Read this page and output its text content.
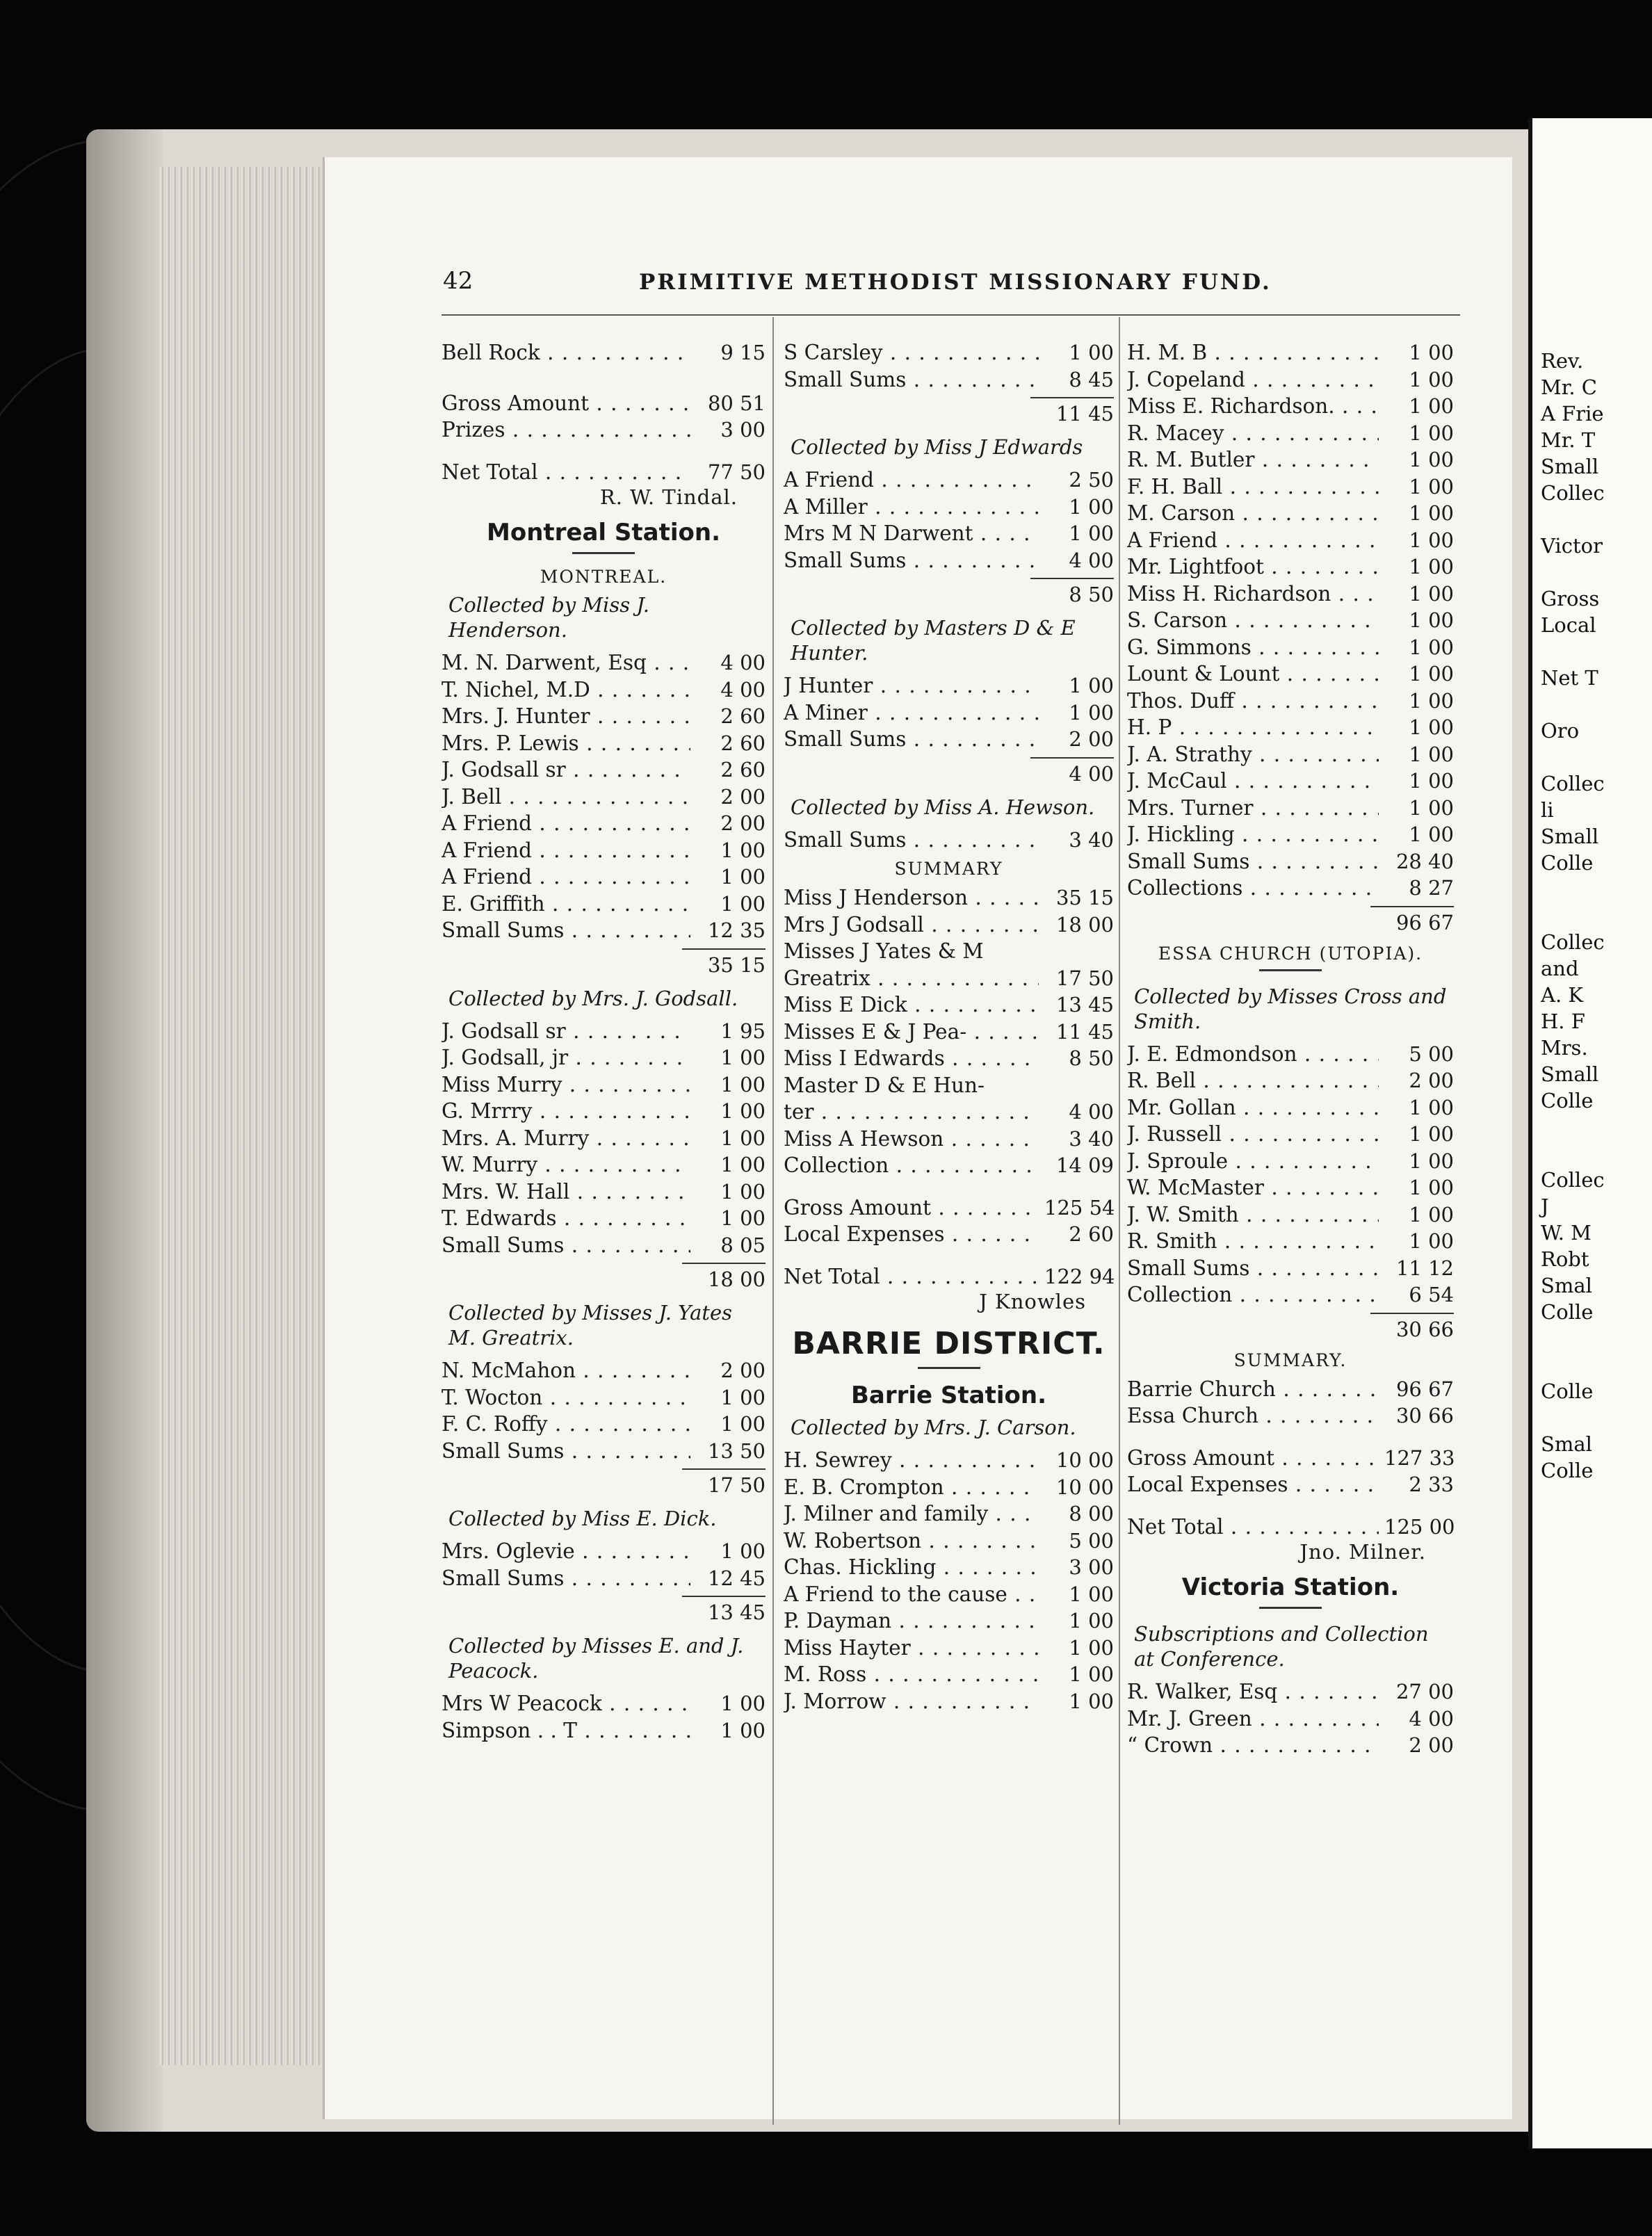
42	PRIMITIVE METHODIST MISSIONARY FUND.
Bell Rock . . .	9 15
Gross Amount . . .	80 51
Prizes . . .	3 00
Net Total . . .	77 50
R. W. Tindal.
Montreal Station.
MONTREAL.
Collected by Miss J. Henderson.
M. N. Darwent, Esq . . .	4 00
T. Nichel, M.D . . .	4 00
Mrs. J. Hunter . . .	2 60
Mrs. P. Lewis . . .	2 60
J. Godsall sr . . .	2 60
J. Bell . . .	2 00
A Friend . . .	2 00
A Friend . . .	1 00
A Friend . . .	1 00
E. Griffith . . .	1 00
Small Sums . . .	12 35
35 15
Collected by Mrs. J. Godsall.
J. Godsall sr . . .	1 95
J. Godsall, jr . . .	1 00
Miss Murry . . .	1 00
G. Mrrry . . .	1 00
Mrs. A. Murry . . .	1 00
W. Murry . . .	1 00
Mrs. W. Hall . . .	1 00
T. Edwards . . .	1 00
Small Sums . . .	8 05
18 00
Collected by Misses J. Yates M. Greatrix.
N. McMahon . . .	2 00
T. Wocton . . .	1 00
F. C. Roffy . . .	1 00
Small Sums . . .	13 50
17 50
Collected by Miss E. Dick.
Mrs. Oglevie . . .	1 00
Small Sums . . .	12 45
13 45
Collected by Misses E. and J. Peacock.
Mrs W Peacock . . .	1 00
Simpson . . T . . .	1 00
S Carsley . . .	1 00
Small Sums . . .	8 45
11 45
Collected by Miss J Edwards
A Friend . . .	2 50
A Miller . . .	1 00
Mrs M N Darwent . . .	1 00
Small Sums . . .	4 00
8 50
Collected by Masters D & E Hunter.
J Hunter . . .	1 00
A Miner . . .	1 00
Small Sums . . .	2 00
4 00
Collected by Miss A. Hewson.
Small Sums . . .	3 40
SUMMARY
Miss J Henderson . . .	35 15
Mrs J Godsall . . .	18 00
Misses J Yates & M
Greatrix . . .	17 50
Miss E Dick . . .	13 45
Misses E & J Pea- . . .	11 45
Miss I Edwards . . .	8 50
Master D & E Hun-
ter . . .	4 00
Miss A Hewson . . .	3 40
Collection . . .	14 09
Gross Amount . . .	125 54
Local Expenses . . .	2 60
Net Total . . .	122 94
J Knowles
BARRIE DISTRICT.
Barrie Station.
Collected by Mrs. J. Carson.
H. Sewrey . . .	10 00
E. B. Crompton . . .	10 00
J. Milner and family . . .	8 00
W. Robertson . . .	5 00
Chas. Hickling . . .	3 00
A Friend to the cause . . .	1 00
P. Dayman . . .	1 00
Miss Hayter . . .	1 00
M. Ross . . .	1 00
J. Morrow . . .	1 00
H. M. B . . .	1 00
J. Copeland . . .	1 00
Miss E. Richardson. . . .	1 00
R. Macey . . .	1 00
R. M. Butler . . .	1 00
F. H. Ball . . .	1 00
M. Carson . . .	1 00
A Friend . . .	1 00
Mr. Lightfoot . . .	1 00
Miss H. Richardson . . .	1 00
S. Carson . . .	1 00
G. Simmons . . .	1 00
Lount & Lount . . .	1 00
Thos. Duff . . .	1 00
H. P . . .	1 00
J. A. Strathy . . .	1 00
J. McCaul . . .	1 00
Mrs. Turner . . .	1 00
J. Hickling . . .	1 00
Small Sums . . .	28 40
Collections . . .	8 27
96 67
ESSA CHURCH (UTOPIA).
Collected by Misses Cross and Smith.
J. E. Edmondson . . .	5 00
R. Bell . . .	2 00
Mr. Gollan . . .	1 00
J. Russell . . .	1 00
J. Sproule . . .	1 00
W. McMaster . . .	1 00
J. W. Smith . . .	1 00
R. Smith . . .	1 00
Small Sums . . .	11 12
Collection . . .	6 54
30 66
SUMMARY.
Barrie Church . . .	96 67
Essa Church . . .	30 66
Gross Amount . . .	127 33
Local Expenses . . .	2 33
Net Total . . .	125 00
Jno. Milner.
Victoria Station.
Subscriptions and Collection at Conference.
R. Walker, Esq . . .	27 00
Mr. J. Green . . .	4 00
“ Crown . . .	2 00
Rev.
Mr. C
A Frie
Mr. T
Small
Collec

Victor

Gross
Local

Net T

Oro

Collec
li
Small
Colle

Collec
and
A. K
H. F
Mrs.
Small
Colle

Collec
J
W. M
Robt
Smal
Colle

Colle

Smal
Colle
